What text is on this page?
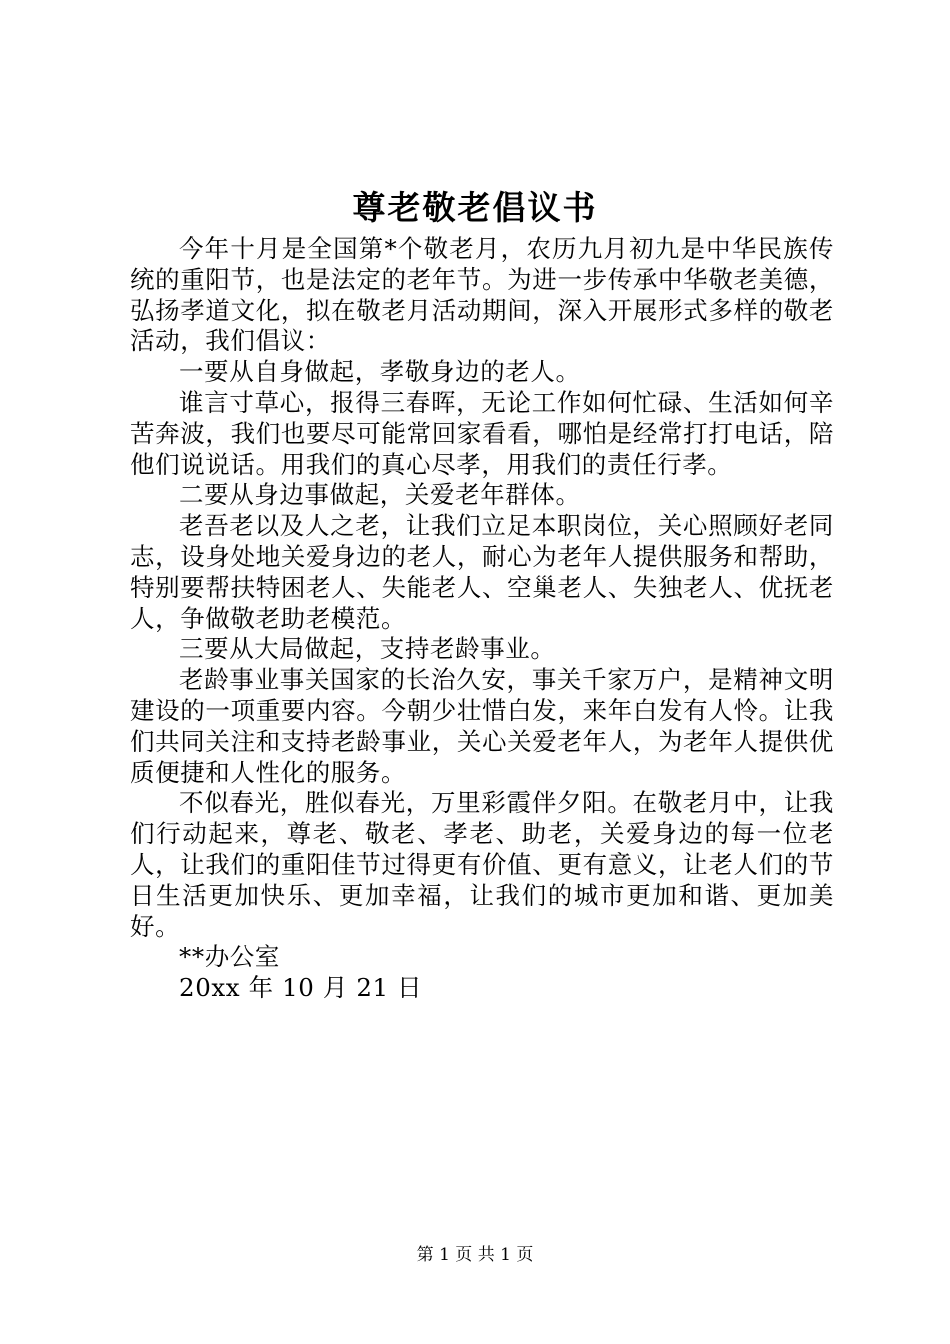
尊老敬老倡议书

今年十月是全国第*个敬老月，农历九月初九是中华民族传统的重阳节，也是法定的老年节。为进一步传承中华敬老美德，弘扬孝道文化，拟在敬老月活动期间，深入开展形式多样的敬老活动，我们倡议：

一要从自身做起，孝敬身边的老人。

谁言寸草心，报得三春晖，无论工作如何忙碌、生活如何辛苦奔波，我们也要尽可能常回家看看，哪怕是经常打打电话，陪他们说说话。用我们的真心尽孝，用我们的责任行孝。

二要从身边事做起，关爱老年群体。

老吾老以及人之老，让我们立足本职岗位，关心照顾好老同志，设身处地关爱身边的老人，耐心为老年人提供服务和帮助，特别要帮扶特困老人、失能老人、空巢老人、失独老人、优抚老人，争做敬老助老模范。

三要从大局做起，支持老龄事业。

老龄事业事关国家的长治久安，事关千家万户，是精神文明建设的一项重要内容。今朝少壮惜白发，来年白发有人怜。让我们共同关注和支持老龄事业，关心关爱老年人，为老年人提供优质便捷和人性化的服务。

不似春光，胜似春光，万里彩霞伴夕阳。在敬老月中，让我们行动起来，尊老、敬老、孝老、助老，关爱身边的每一位老人，让我们的重阳佳节过得更有价值、更有意义，让老人们的节日生活更加快乐、更加幸福，让我们的城市更加和谐、更加美好。

**办公室

20xx 年 10 月 21 日

第 1 页 共 1 页
